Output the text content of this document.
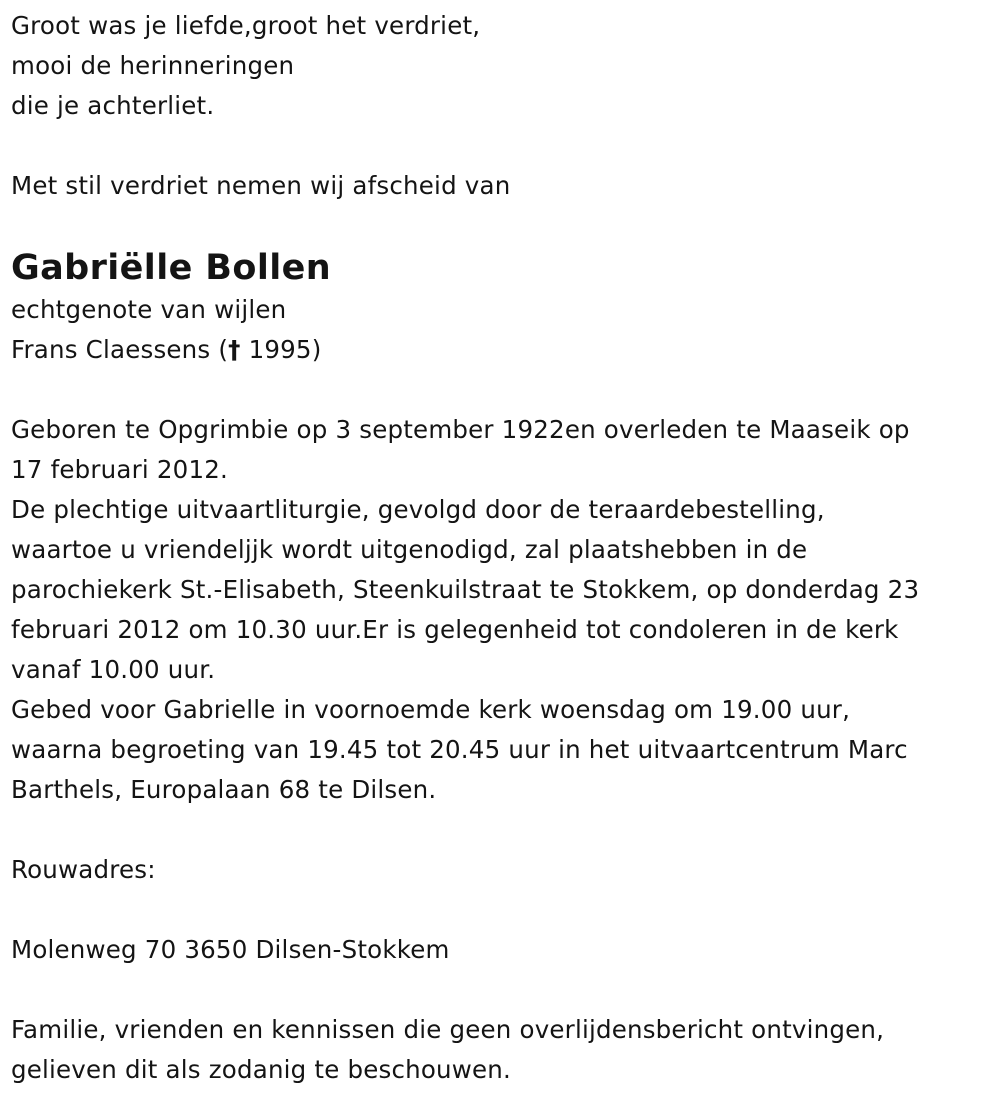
Groot was je liefde,groot het verdriet,
mooi de herinneringen
die je achterliet.
Met stil verdriet nemen wij afscheid van
Gabriëlle Bollen
echtgenote van wijlen
Frans Claessens († 1995)
Geboren te Opgrimbie op 3 september 1922en overleden te Maaseik op
17 februari 2012.
De plechtige uitvaartliturgie, gevolgd door de teraardebestelling,
waartoe u vriendeljjk wordt uitgenodigd, zal plaatshebben in de
parochiekerk St.-Elisabeth, Steenkuilstraat te Stokkem, op donderdag 23
februari 2012 om 10.30 uur.Er is gelegenheid tot condoleren in de kerk
vanaf 10.00 uur.
Gebed voor Gabrielle in voornoemde kerk woensdag om 19.00 uur,
waarna begroeting van 19.45 tot 20.45 uur in het uitvaartcentrum Marc
Barthels, Europalaan 68 te Dilsen.
Rouwadres:
Molenweg 70 3650 Dilsen-Stokkem
Familie, vrienden en kennissen die geen overlijdensbericht ontvingen,
gelieven dit als zodanig te beschouwen.
